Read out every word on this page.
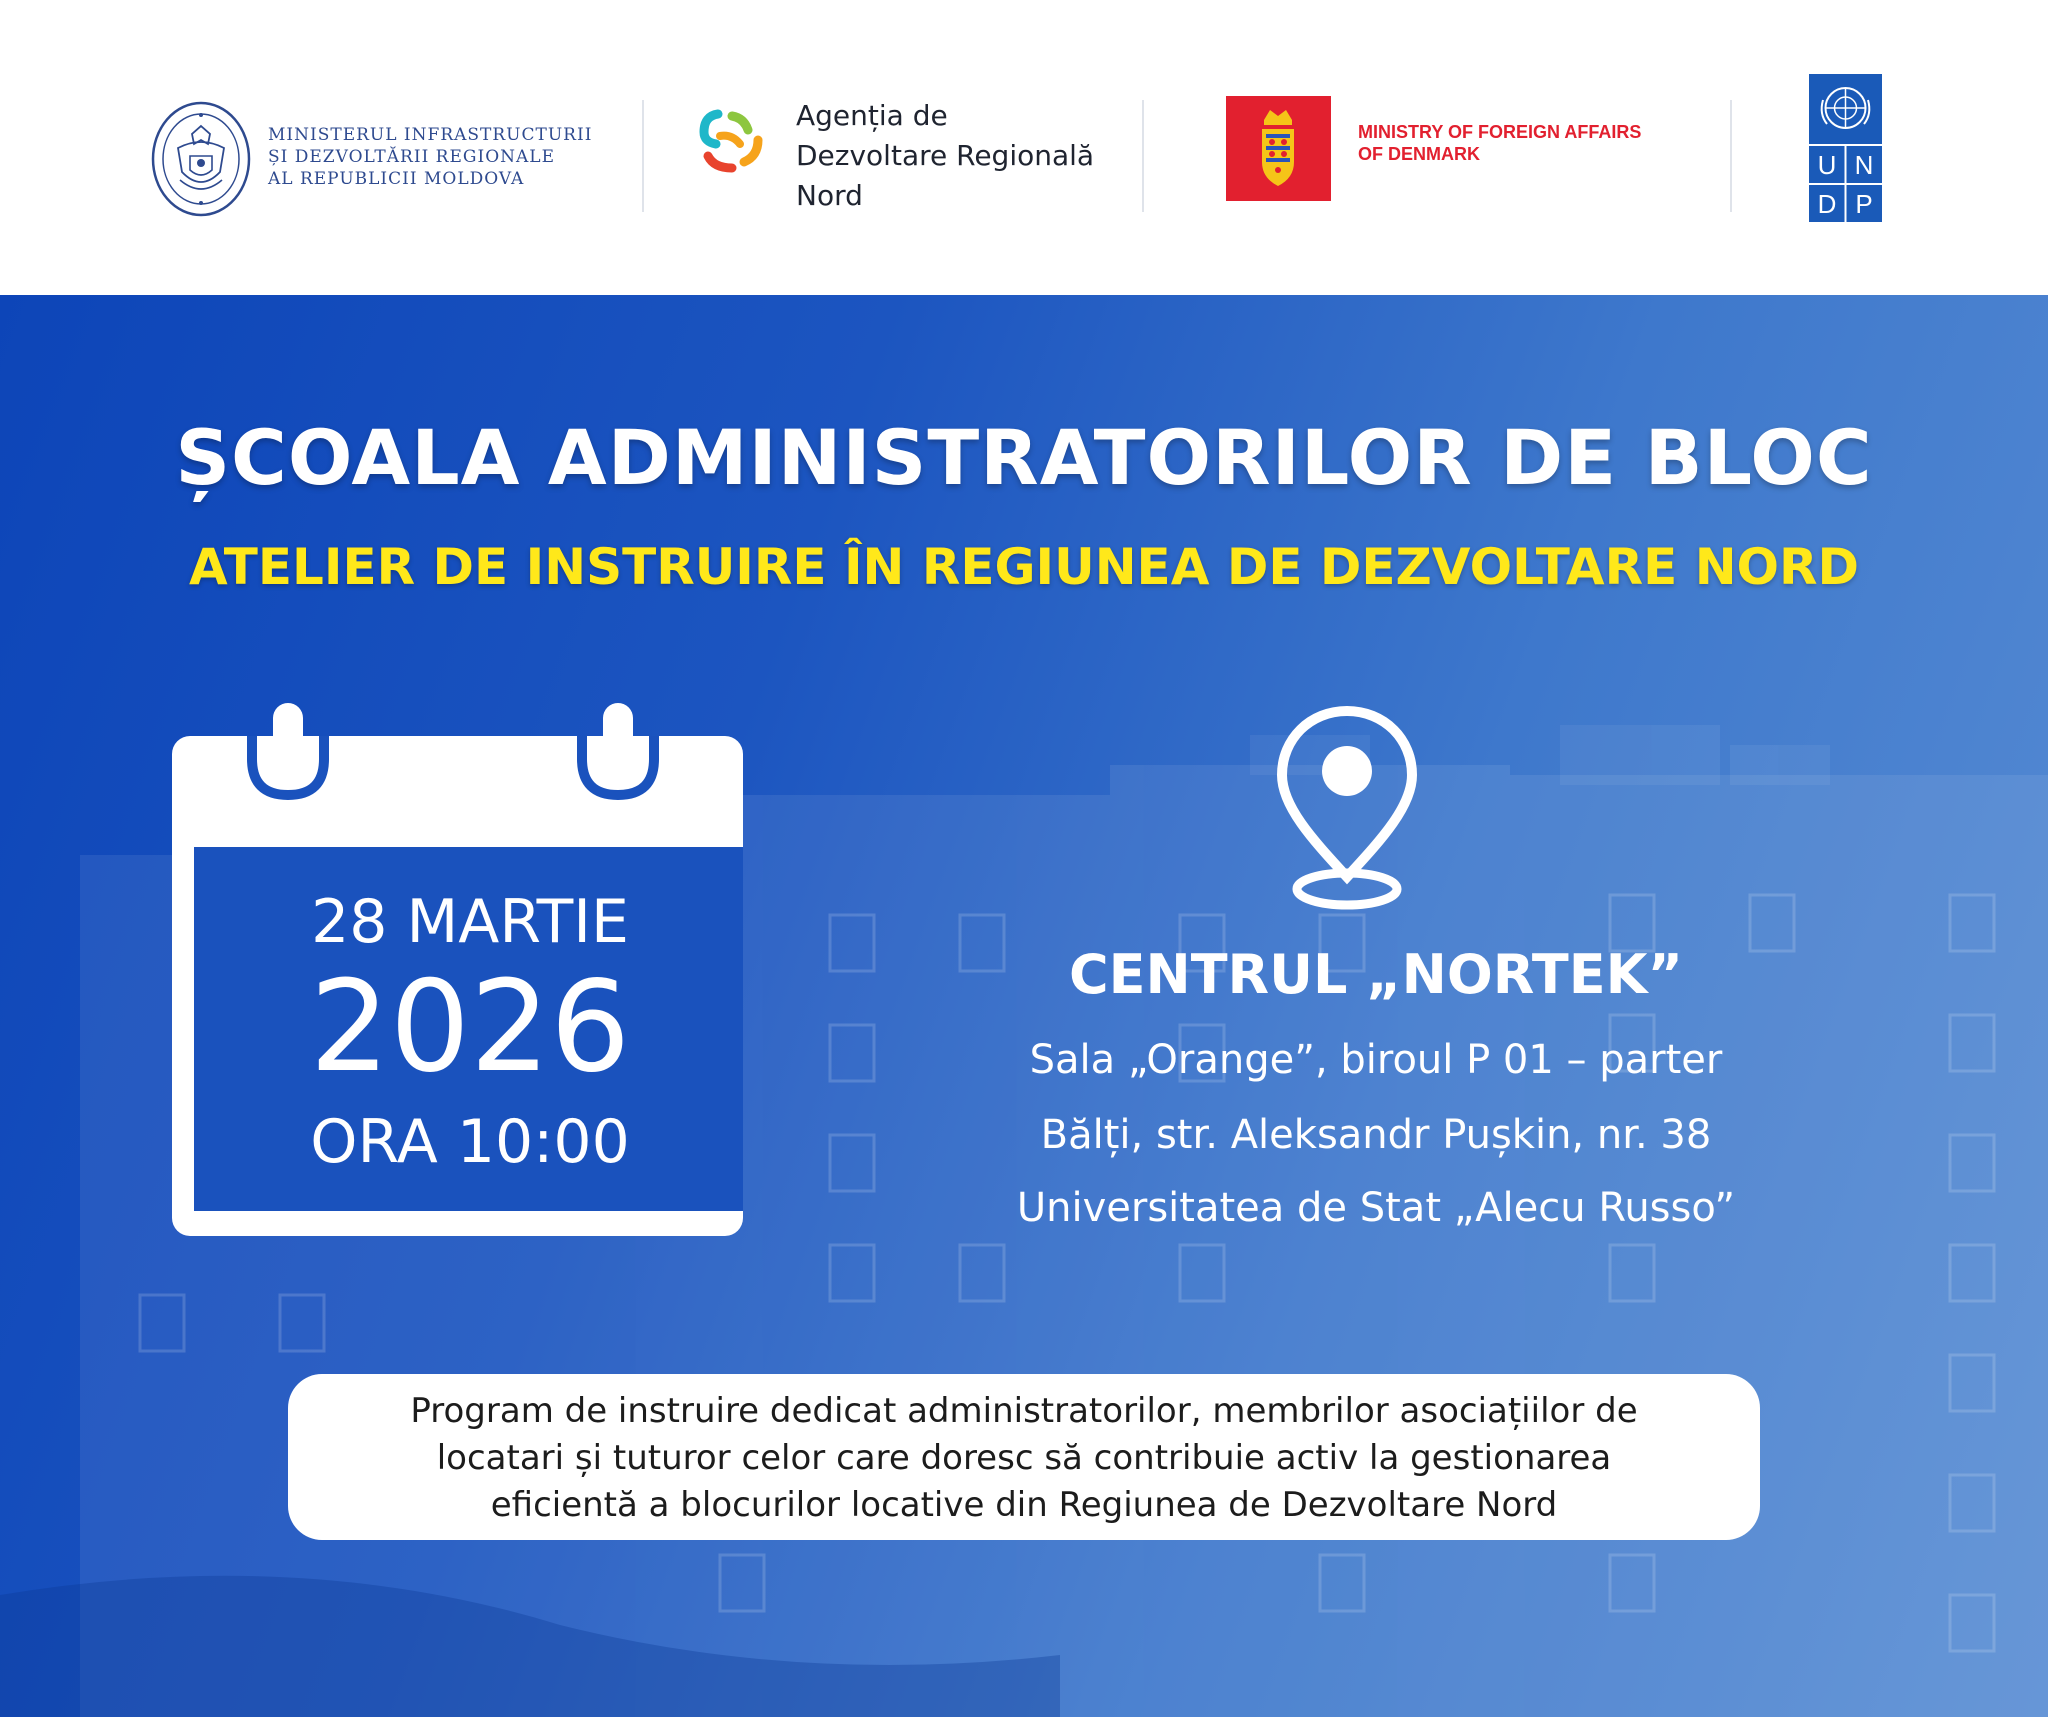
MINISTERUL INFRASTRUCTURII
ȘI DEZVOLTĂRII REGIONALE
AL REPUBLICII MOLDOVA
Agenția de
Dezvoltare Regională
Nord
MINISTRY OF FOREIGN AFFAIRS
OF DENMARK	U N
D P
ȘCOALA ADMINISTRATORILOR DE BLOC
ATELIER DE INSTRUIRE ÎN REGIUNEA DE DEZVOLTARE NORD
28 MARTIE
2026
ORA 10:00
CENTRUL „NORTEK”
Sala „Orange”, biroul P 01 – parter
Bălți, str. Aleksandr Pușkin, nr. 38
Universitatea de Stat „Alecu Russo”
Program de instruire dedicat administratorilor, membrilor asociațiilor de
locatari și tuturor celor care doresc să contribuie activ la gestionarea
eficientă a blocurilor locative din Regiunea de Dezvoltare Nord
